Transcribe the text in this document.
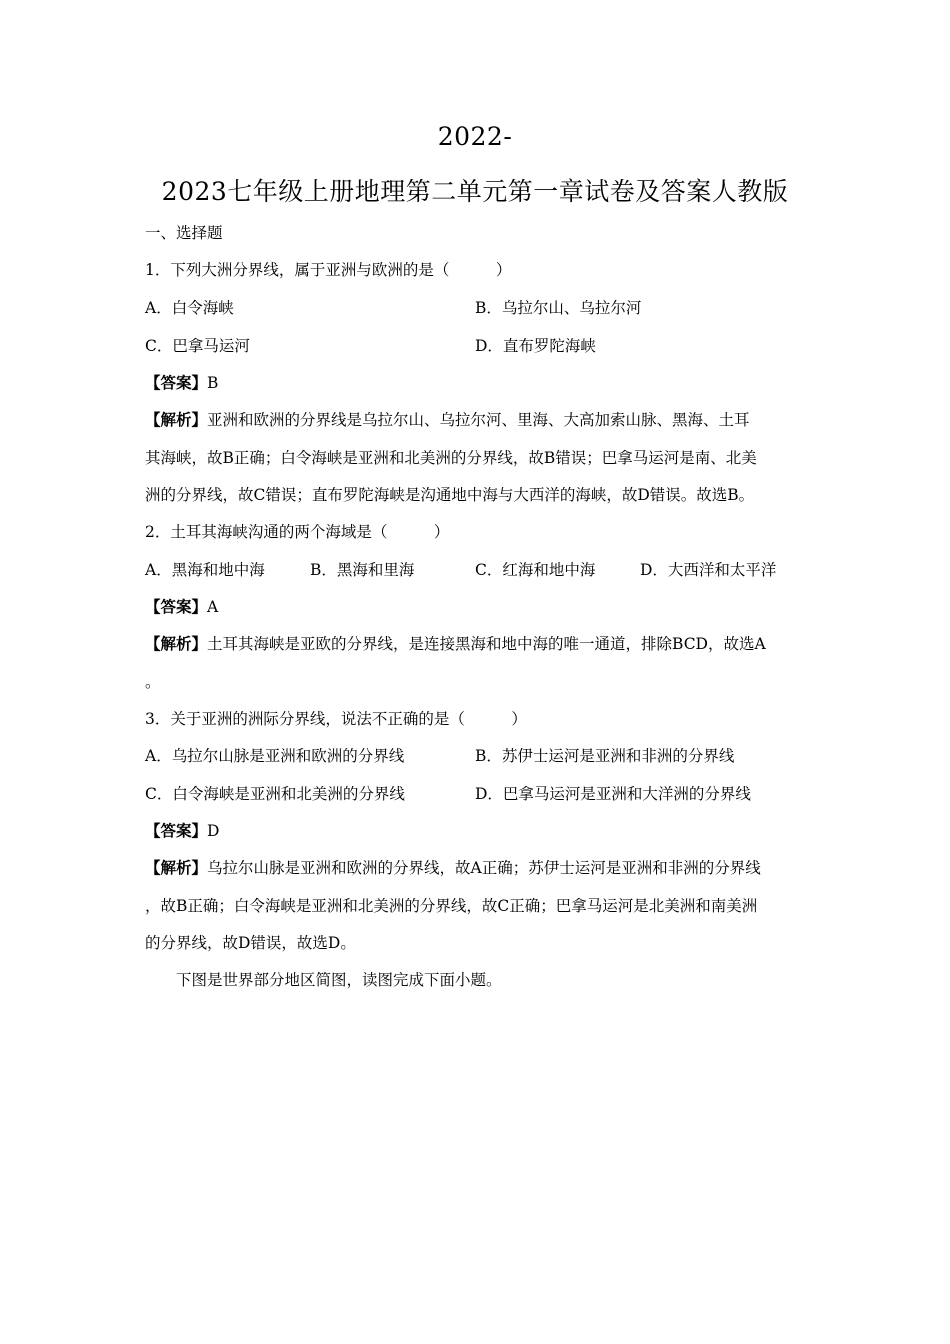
2022-
2023七年级上册地理第二单元第一章试卷及答案人教版
一、选择题
1．下列大洲分界线，属于亚洲与欧洲的是（　　　）
A．白令海峡	B．乌拉尔山、乌拉尔河
C．巴拿马运河	D．直布罗陀海峡
【答案】B
【解析】亚洲和欧洲的分界线是乌拉尔山、乌拉尔河、里海、大高加索山脉、黑海、土耳
其海峡，故B正确；白令海峡是亚洲和北美洲的分界线，故B错误；巴拿马运河是南、北美
洲的分界线，故C错误；直布罗陀海峡是沟通地中海与大西洋的海峡，故D错误。故选B。
2．土耳其海峡沟通的两个海域是（　　　）
A．黑海和地中海	B．黑海和里海	C．红海和地中海	D．大西洋和太平洋
【答案】A
【解析】土耳其海峡是亚欧的分界线，是连接黑海和地中海的唯一通道，排除BCD，故选A
。
3．关于亚洲的洲际分界线，说法不正确的是（　　　）
A．乌拉尔山脉是亚洲和欧洲的分界线	B．苏伊士运河是亚洲和非洲的分界线
C．白令海峡是亚洲和北美洲的分界线	D．巴拿马运河是亚洲和大洋洲的分界线
【答案】D
【解析】乌拉尔山脉是亚洲和欧洲的分界线，故A正确；苏伊士运河是亚洲和非洲的分界线
，故B正确；白令海峡是亚洲和北美洲的分界线，故C正确；巴拿马运河是北美洲和南美洲
的分界线，故D错误，故选D。
下图是世界部分地区简图，读图完成下面小题。
